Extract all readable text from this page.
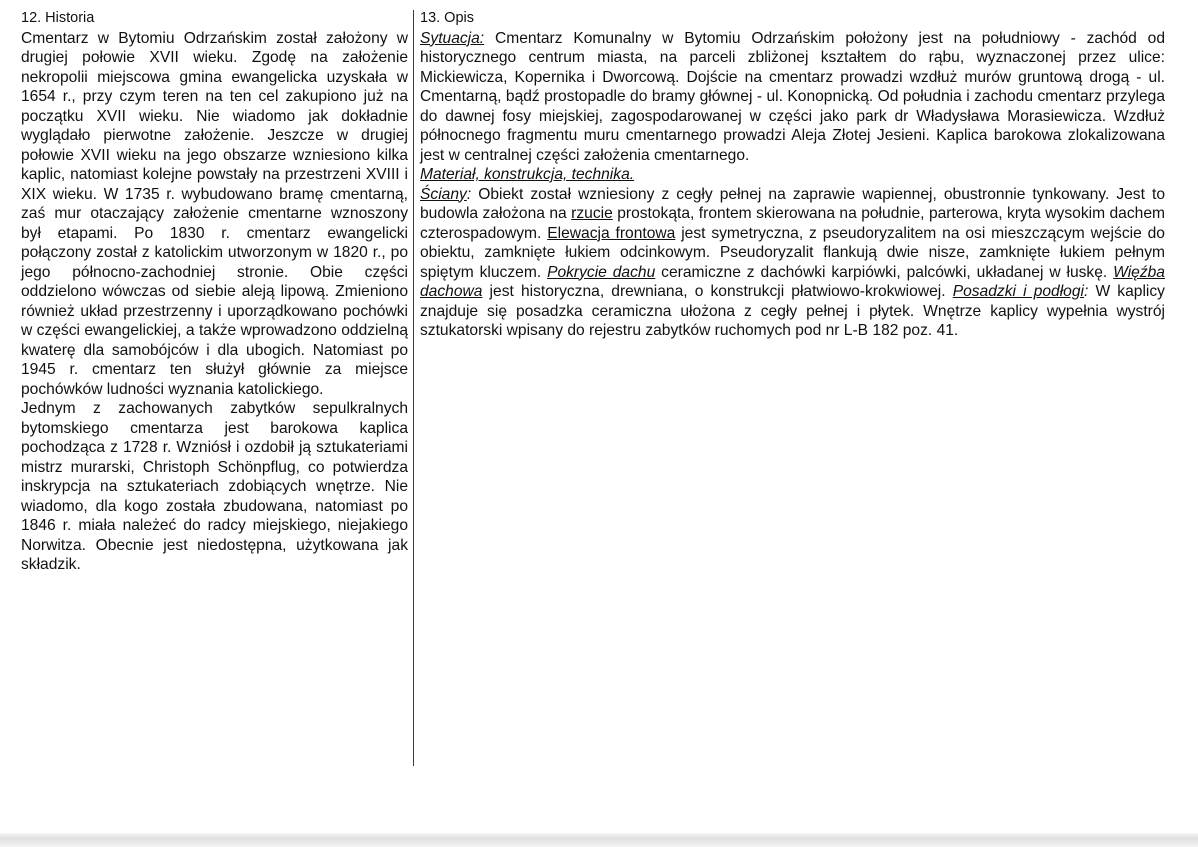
12. Historia

Cmentarz w Bytomiu Odrzańskim został założony w drugiej połowie XVII wieku. Zgodę na założenie nekropolii miejscowa gmina ewangelicka uzyskała w 1654 r., przy czym teren na ten cel zakupiono już na początku XVII wieku. Nie wiadomo jak dokładnie wyglądało pierwotne założenie. Jeszcze w drugiej połowie XVII wieku na jego obszarze wzniesiono kilka kaplic, natomiast kolejne powstały na przestrzeni XVIII i XIX wieku. W 1735 r. wybudowano bramę cmentarną, zaś mur otaczający założenie cmentarne wznoszony był etapami. Po 1830 r. cmentarz ewangelicki połączony został z katolickim utworzonym w 1820 r., po jego północno-zachodniej stronie. Obie części oddzielono wówczas od siebie aleją lipową. Zmieniono również układ przestrzenny i uporządkowano pochówki w części ewangelickiej, a także wprowadzono oddzielną kwaterę dla samobójców i dla ubogich. Natomiast po 1945 r. cmentarz ten służył głównie za miejsce pochówków ludności wyznania katolickiego.

Jednym z zachowanych zabytków sepulkralnych bytomskiego cmentarza jest barokowa kaplica pochodząca z 1728 r. Wzniósł i ozdobił ją sztukateriami mistrz murarski, Christoph Schönpflug, co potwierdza inskrypcja na sztukateriach zdobiących wnętrze. Nie wiadomo, dla kogo została zbudowana, natomiast po 1846 r. miała należeć do radcy miejskiego, niejakiego Norwitza. Obecnie jest niedostępna, użytkowana jak składzik.

13. Opis

Sytuacja: Cmentarz Komunalny w Bytomiu Odrzańskim położony jest na południowy - zachód od historycznego centrum miasta, na parceli zbliżonej kształtem do rąbu, wyznaczonej przez ulice: Mickiewicza, Kopernika i Dworcową. Dojście na cmentarz prowadzi wzdłuż murów gruntową drogą - ul. Cmentarną, bądź prostopadle do bramy głównej - ul. Konopnicką. Od południa i zachodu cmentarz przylega do dawnej fosy miejskiej, zagospodarowanej w części jako park dr Władysława Morasiewicza. Wzdłuż północnego fragmentu muru cmentarnego prowadzi Aleja Złotej Jesieni. Kaplica barokowa zlokalizowana jest w centralnej części założenia cmentarnego.

Materiał, konstrukcja, technika.

Ściany: Obiekt został wzniesiony z cegły pełnej na zaprawie wapiennej, obustronnie tynkowany. Jest to budowla założona na rzucie prostokąta, frontem skierowana na południe, parterowa, kryta wysokim dachem czterospadowym. Elewacja frontowa jest symetryczna, z pseudoryzalitem na osi mieszczącym wejście do obiektu, zamknięte łukiem odcinkowym. Pseudoryzalit flankują dwie nisze, zamknięte łukiem pełnym spiętym kluczem. Pokrycie dachu ceramiczne z dachówki karpiówki, palcówki, układanej w łuskę. Więźba dachowa jest historyczna, drewniana, o konstrukcji płatwiowo-krokwiowej. Posadzki i podłogi: W kaplicy znajduje się posadzka ceramiczna ułożona z cegły pełnej i płytek. Wnętrze kaplicy wypełnia wystrój sztukatorski wpisany do rejestru zabytków ruchomych pod nr L-B 182 poz. 41.
